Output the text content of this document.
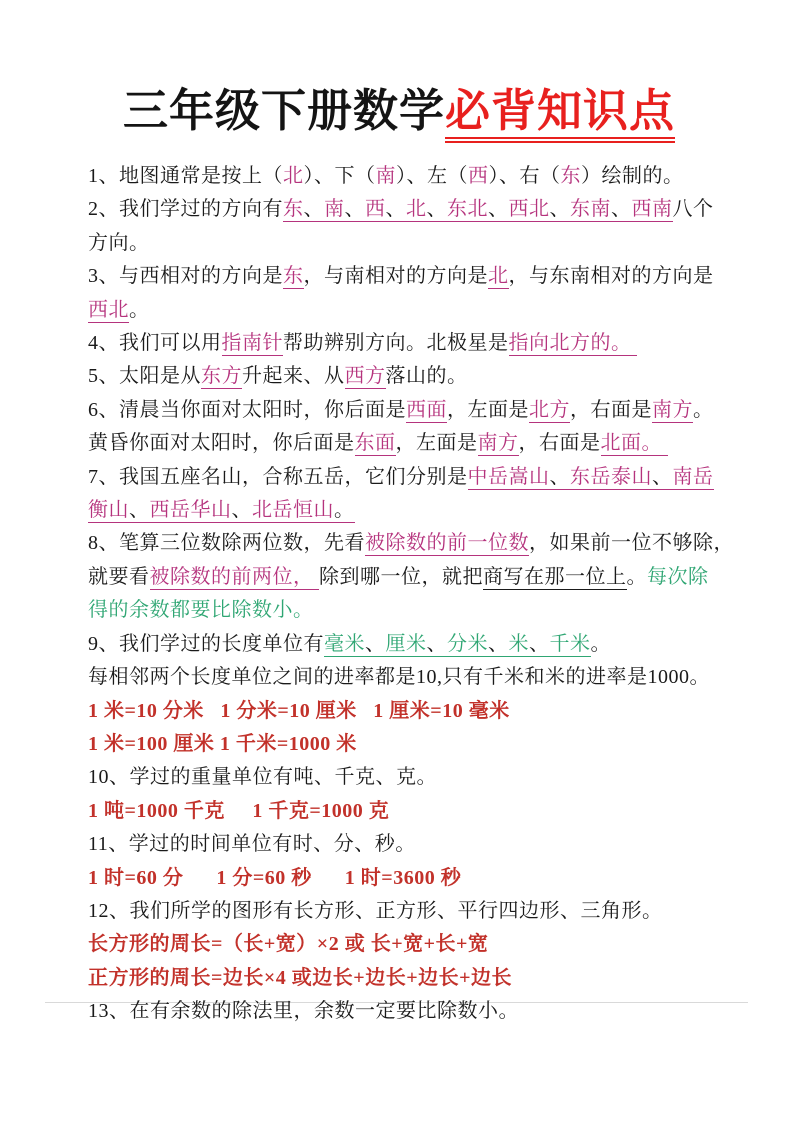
三年级下册数学必背知识点
1、地图通常是按上（北）、下（南）、左（西）、右（东）绘制的。
2、我们学过的方向有东、南、西、北、东北、西北、东南、西南八个
方向。
3、与西相对的方向是东，与南相对的方向是北，与东南相对的方向是
西北。
4、我们可以用指南针帮助辨别方向。北极星是指向北方的。
5、太阳是从东方升起来、从西方落山的。
6、清晨当你面对太阳时，你后面是西面，左面是北方，右面是南方。
黄昏你面对太阳时，你后面是东面，左面是南方，右面是北面。
7、我国五座名山，合称五岳，它们分别是中岳嵩山、东岳泰山、南岳
衡山、西岳华山、北岳恒山。
8、笔算三位数除两位数，先看被除数的前一位数，如果前一位不够除，
就要看被除数的前两位， 除到哪一位，就把商写在那一位上。每次除
得的余数都要比除数小。
9、我们学过的长度单位有毫米、厘米、分米、米、千米。
每相邻两个长度单位之间的进率都是10,只有千米和米的进率是1000。
1 米=10 分米   1 分米=10 厘米   1 厘米=10 毫米
1 米=100 厘米 1 千米=1000 米
10、学过的重量单位有吨、千克、克。
1 吨=1000 千克     1 千克=1000 克
11、学过的时间单位有时、分、秒。
1 时=60 分      1 分=60 秒      1 时=3600 秒
12、我们所学的图形有长方形、正方形、平行四边形、三角形。
长方形的周长=（长+宽）×2 或 长+宽+长+宽
正方形的周长=边长×4 或边长+边长+边长+边长
13、在有余数的除法里，余数一定要比除数小。
